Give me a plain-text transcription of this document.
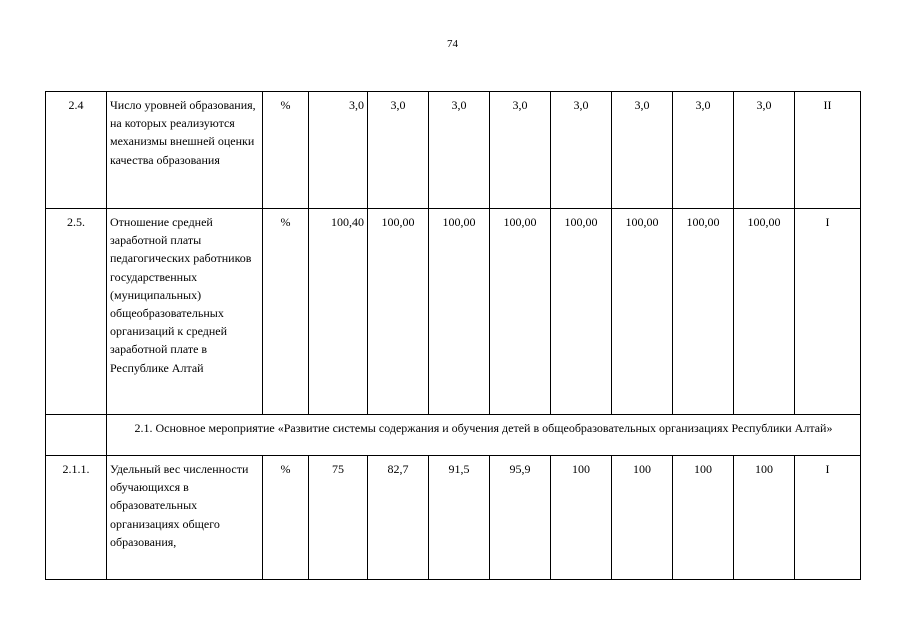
74
2.4	Число уровней образования, на которых реализуются механизмы внешней оценки качества образования	%	3,0	3,0	3,0	3,0	3,0	3,0	3,0	3,0	II
2.5.	Отношение средней заработной платы педагогических работников государственных (муниципальных) общеобразовательных организаций к средней заработной плате в Республике Алтай	%	100,40	100,00	100,00	100,00	100,00	100,00	100,00	100,00	I
	2.1. Основное мероприятие «Развитие системы содержания и обучения детей в общеобразовательных организациях Республики Алтай»										
2.1.1.	Удельный вес численности обучающихся в образовательных организациях общего образования,	%	75	82,7	91,5	95,9	100	100	100	100	I
